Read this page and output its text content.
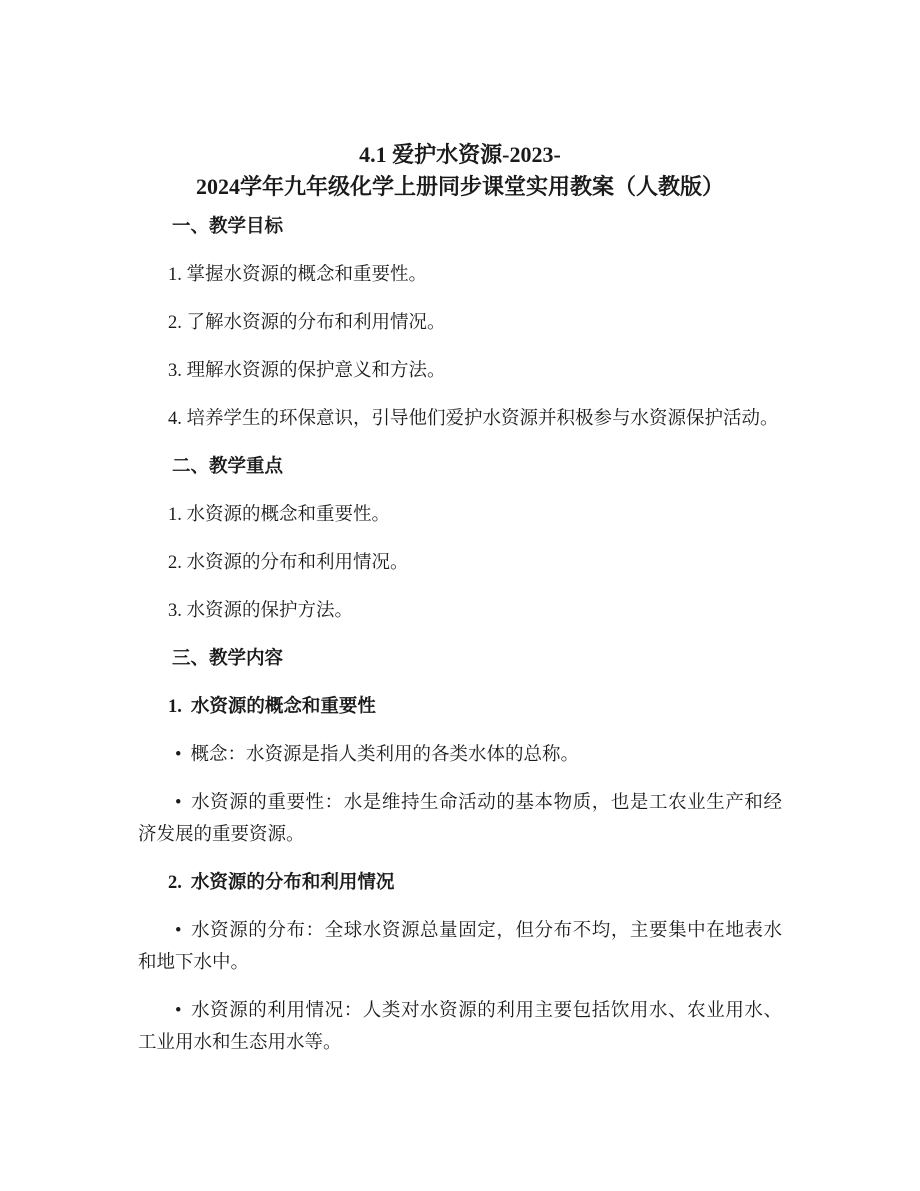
4.1 爱护水资源-2023-
2024学年九年级化学上册同步课堂实用教案（人教版）

一、教学目标

1. 掌握水资源的概念和重要性。

2. 了解水资源的分布和利用情况。

3. 理解水资源的保护意义和方法。

4. 培养学生的环保意识，引导他们爱护水资源并积极参与水资源保护活动。

二、教学重点

1. 水资源的概念和重要性。

2. 水资源的分布和利用情况。

3. 水资源的保护方法。

三、教学内容

1. 水资源的概念和重要性

• 概念：水资源是指人类利用的各类水体的总称。

• 水资源的重要性：水是维持生命活动的基本物质，也是工农业生产和经济发展的重要资源。

2. 水资源的分布和利用情况

• 水资源的分布：全球水资源总量固定，但分布不均，主要集中在地表水和地下水中。

• 水资源的利用情况：人类对水资源的利用主要包括饮用水、农业用水、工业用水和生态用水等。
